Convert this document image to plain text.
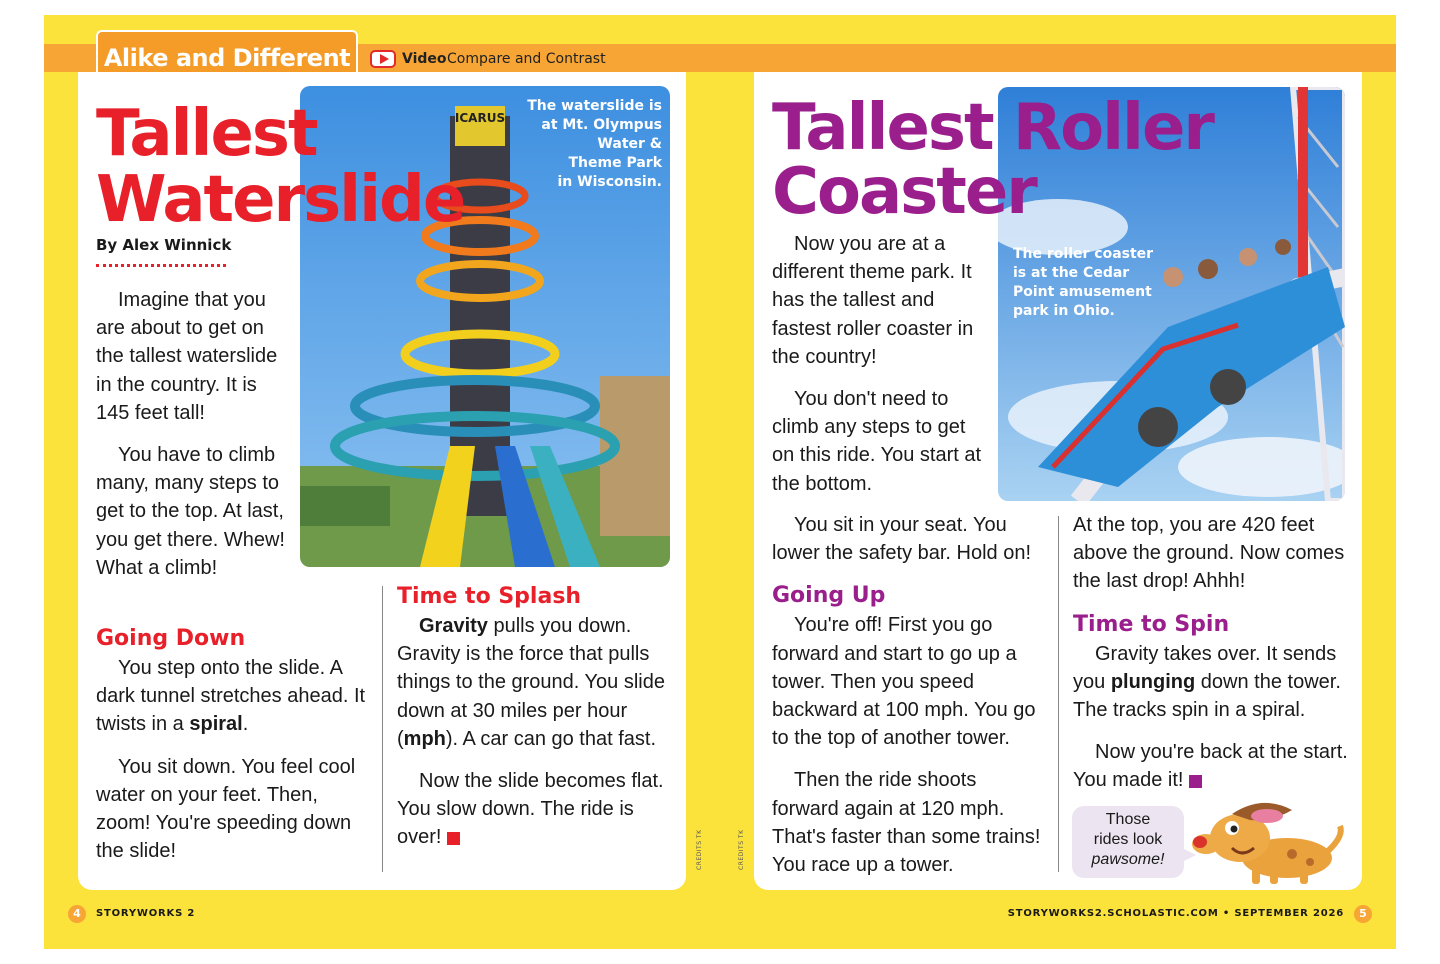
Alike and Different	Video Compare and Contrast
ICARUS
The waterslide is
at Mt. Olympus
Water &
Theme Park
in Wisconsin.
Tallest
Waterslide
By Alex Winnick

Imagine that you are about to get on the tallest waterslide in the country. It is 145 feet tall!

You have to climb many, many steps to get to the top. At last, you get there. Whew! What a climb!

Going Down

You step onto the slide. A dark tunnel stretches ahead. It twists in a spiral.

You sit down. You feel cool water on your feet. Then, zoom! You're speeding down the slide!

Time to Splash

Gravity pulls you down. Gravity is the force that pulls things to the ground. You slide down at 30 miles per hour (mph). A car can go that fast.

Now the slide becomes flat. You slow down. The ride is over!	CREDITS TK	CREDITS TK
The roller coaster
is at the Cedar
Point amusement
park in Ohio.
Tallest Roller
Coaster

Now you are at a different theme park. It has the tallest and fastest roller coaster in the country!

You don't need to climb any steps to get on this ride. You start at the bottom.

You sit in your seat. You lower the safety bar. Hold on!

Going Up

You're off! First you go forward and start to go up a tower. Then you speed backward at 100 mph. You go to the top of another tower.

Then the ride shoots forward again at 120 mph. That's faster than some trains! You race up a tower.

At the top, you are 420 feet above the ground. Now comes the last drop! Ahhh!

Time to Spin

Gravity takes over. It sends you plunging down the tower. The tracks spin in a spiral.

Now you're back at the start. You made it!

Those
rides look
pawsome!
4	STORYWORKS 2	STORYWORKS2.SCHOLASTIC.COM • SEPTEMBER 2026	5
